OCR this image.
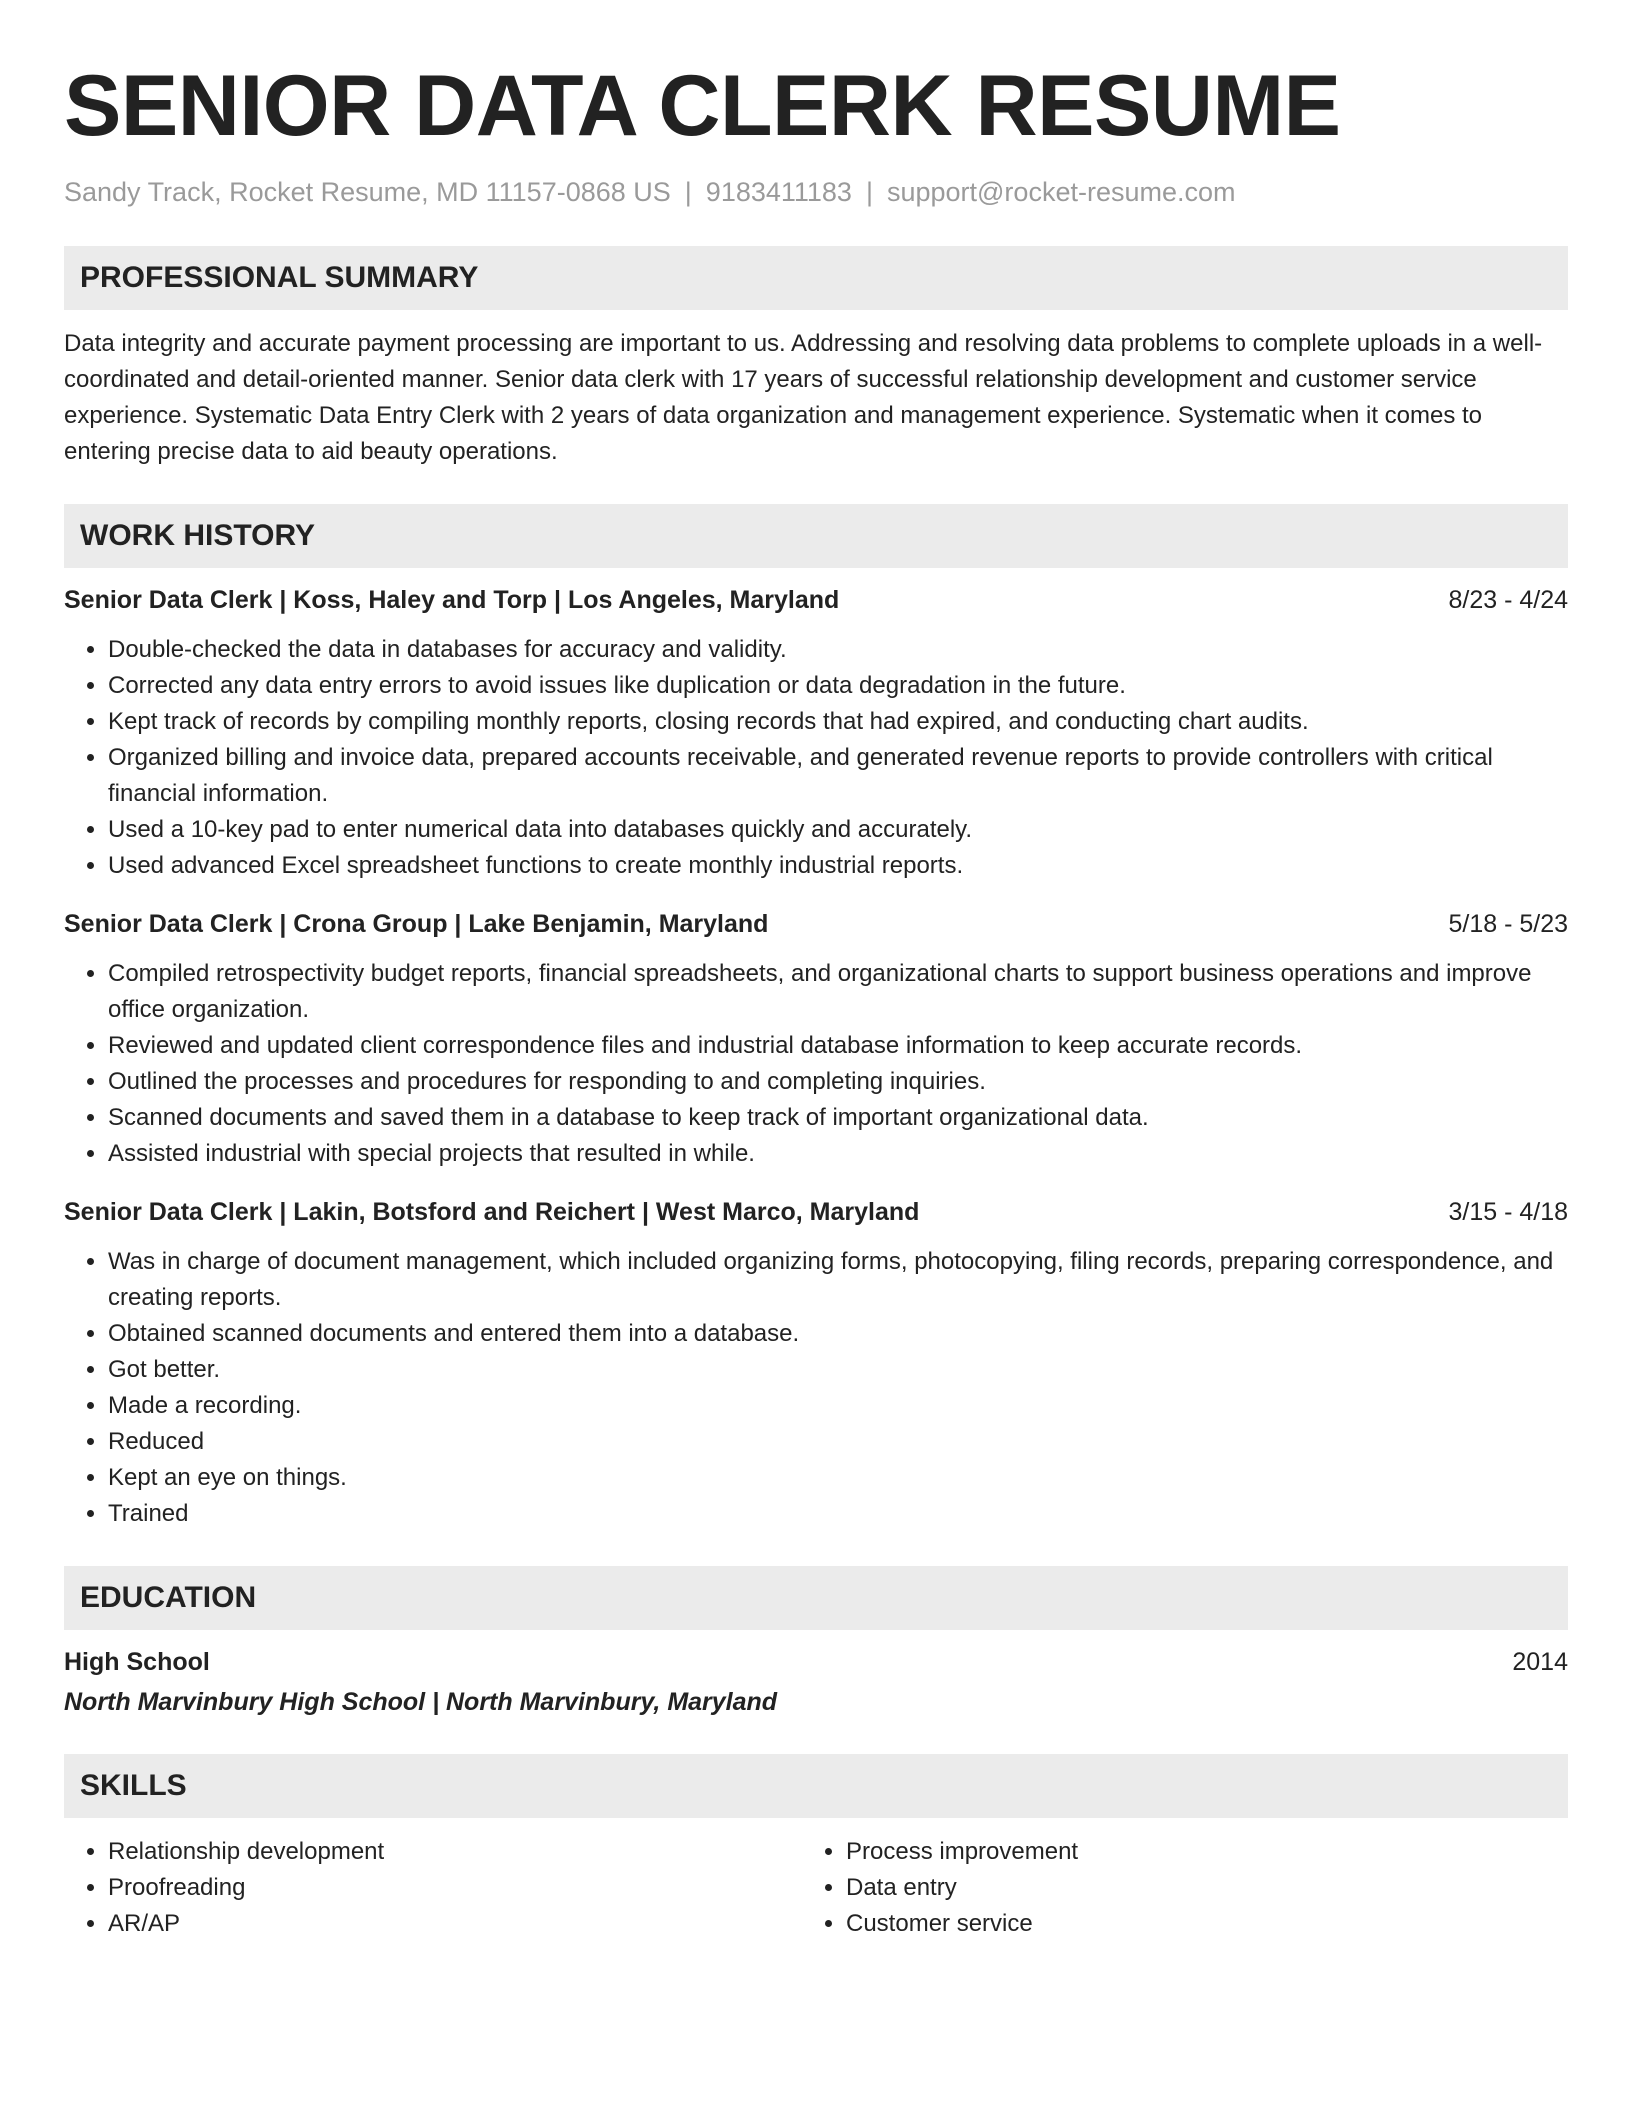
SENIOR DATA CLERK RESUME
Sandy Track, Rocket Resume, MD 11157-0868 US | 9183411183 | support@rocket-resume.com
PROFESSIONAL SUMMARY
Data integrity and accurate payment processing are important to us. Addressing and resolving data problems to complete uploads in a well-coordinated and detail-oriented manner. Senior data clerk with 17 years of successful relationship development and customer service experience. Systematic Data Entry Clerk with 2 years of data organization and management experience. Systematic when it comes to entering precise data to aid beauty operations.
WORK HISTORY
Senior Data Clerk | Koss, Haley and Torp | Los Angeles, Maryland	8/23 - 4/24
• Double-checked the data in databases for accuracy and validity.
• Corrected any data entry errors to avoid issues like duplication or data degradation in the future.
• Kept track of records by compiling monthly reports, closing records that had expired, and conducting chart audits.
• Organized billing and invoice data, prepared accounts receivable, and generated revenue reports to provide controllers with critical financial information.
• Used a 10-key pad to enter numerical data into databases quickly and accurately.
• Used advanced Excel spreadsheet functions to create monthly industrial reports.
Senior Data Clerk | Crona Group | Lake Benjamin, Maryland	5/18 - 5/23
• Compiled retrospectivity budget reports, financial spreadsheets, and organizational charts to support business operations and improve office organization.
• Reviewed and updated client correspondence files and industrial database information to keep accurate records.
• Outlined the processes and procedures for responding to and completing inquiries.
• Scanned documents and saved them in a database to keep track of important organizational data.
• Assisted industrial with special projects that resulted in while.
Senior Data Clerk | Lakin, Botsford and Reichert | West Marco, Maryland	3/15 - 4/18
• Was in charge of document management, which included organizing forms, photocopying, filing records, preparing correspondence, and creating reports.
• Obtained scanned documents and entered them into a database.
• Got better.
• Made a recording.
• Reduced
• Kept an eye on things.
• Trained
EDUCATION
High School	2014
North Marvinbury High School | North Marvinbury, Maryland
SKILLS
• Relationship development
• Proofreading
• AR/AP
• Process improvement
• Data entry
• Customer service
